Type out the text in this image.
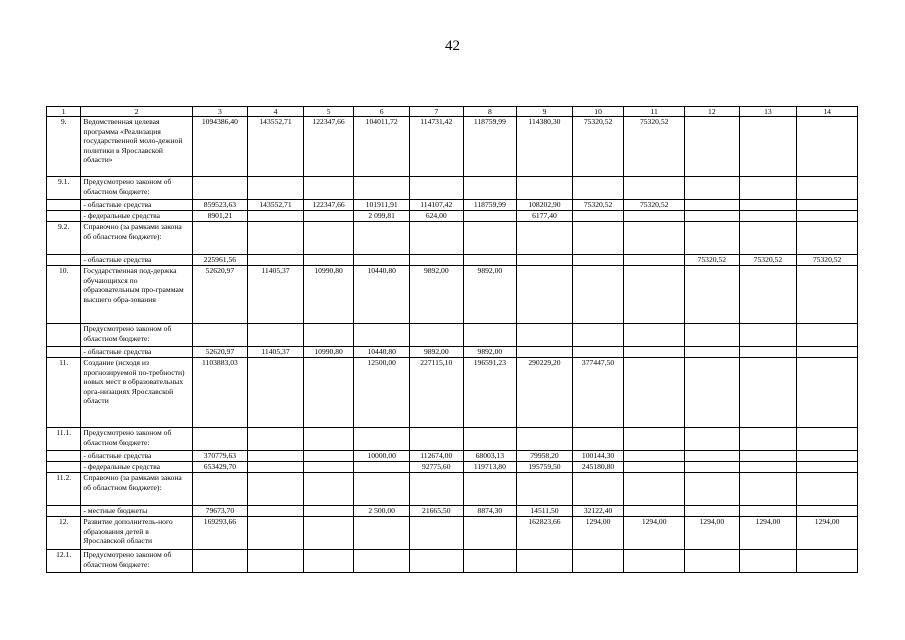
42
1	2	3	4	5	6	7	8	9	10	11	12	13	14
9.	Ведомственная целевая программа «Реализация государственной моло-дежной политики в Ярославской области»	1094386,40	143552,71	122347,66	104011,72	114731,42	118759,99	114380,30	75320,52	75320,52			
9.1.	Предусмотрено законом об областном бюджете:												
	- областные средства	859523,63	143552,71	122347,66	101911,91	114107,42	118759,99	108202,90	75320,52	75320,52			
	- федеральные средства	8901,21			2 099,81	624,00		6177,40					
9.2.	Справочно (за рамками закона об областном бюджете):												
	- областные средства	225961,56									75320,52	75320,52	75320,52
10.	Государственная под-держка обучающихся по образовательным про-граммам высшего обра-зования	52620,97	11405,37	10990,80	10440,80	9892,00	9892,00						
	Предусмотрено законом об областном бюджете:												
	- областные средства	52620,97	11405,37	10990,80	10440,80	9892,00	9892,00						
11.	Создание (исходя из прогнозируемой по-требности) новых мест в образовательных орга-низациях Ярославской области	1103883,03			12500,00	227115,10	196591,23	290229,20	377447,50				
11.1.	Предусмотрено законом об областном бюджете:												
	- областные средства	370779,63			10000,00	112674,00	68003,13	79958,20	100144,30				
	- федеральные средства	653429,70				92775,60	119713,80	195759,50	245180,80				
11.2.	Справочно (за рамками закона об областном бюджете):												
	- местные бюджеты	79673,70			2 500,00	21665,50	8874,30	14511,50	32122,40				
12.	Развитие дополнитель-ного образования детей в Ярославской области	169293,66						162823,66	1294,00	1294,00	1294,00	1294,00	1294,00
12.1.	Предусмотрено законом об областном бюджете:												
